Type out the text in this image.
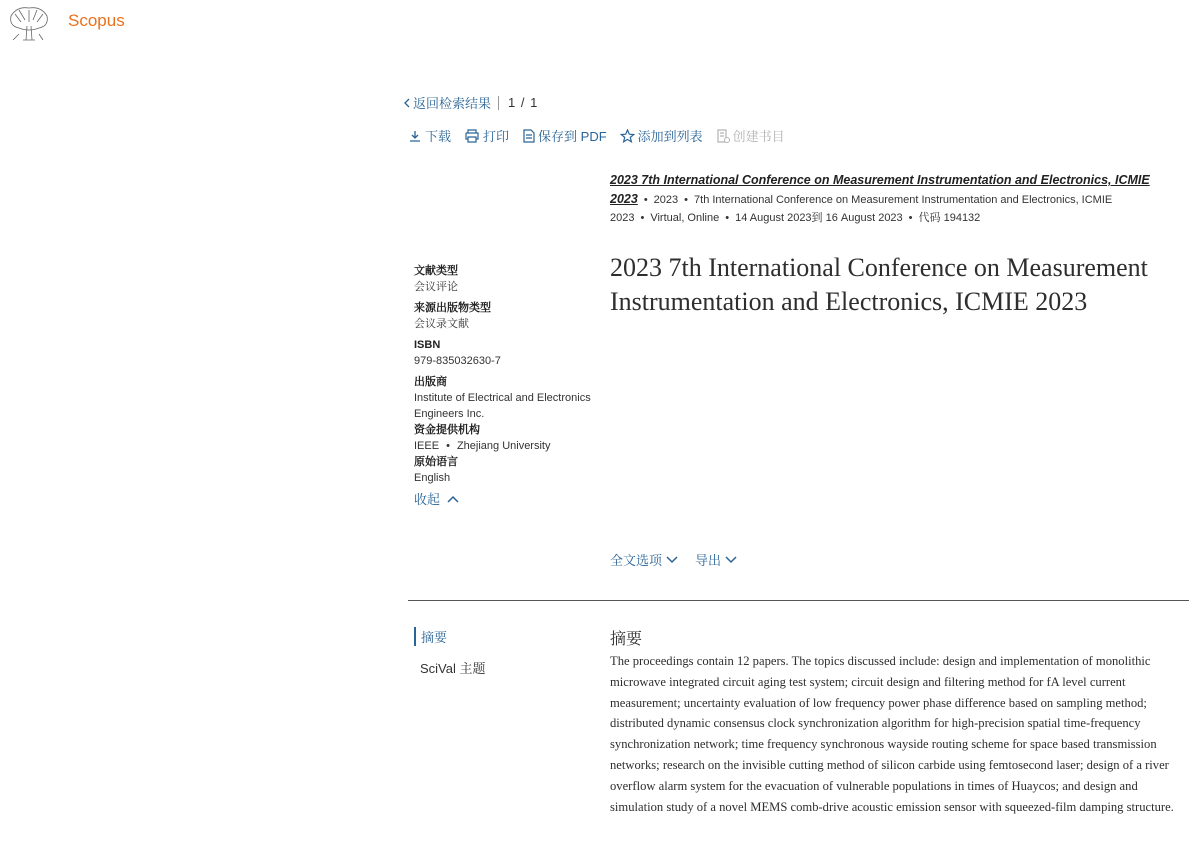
Scopus
返回检索结果 1 / 1
下载 打印 保存到 PDF 添加到列表 创建书目
2023 7th International Conference on Measurement Instrumentation and Electronics, ICMIE 2023 • 2023 • 7th International Conference on Measurement Instrumentation and Electronics, ICMIE 2023 • Virtual, Online • 14 August 2023到 16 August 2023 • 代码 194132
文献类型
会议评论
来源出版物类型
会议录文献
ISBN
979-835032630-7
出版商
Institute of Electrical and Electronics Engineers Inc.
资金提供机构
IEEE • Zhejiang University
原始语言
English
收起
2023 7th International Conference on Measurement Instrumentation and Electronics, ICMIE 2023
全文选项	导出
摘要
SciVal 主题
摘要
The proceedings contain 12 papers. The topics discussed include: design and implementation of monolithic microwave integrated circuit aging test system; circuit design and filtering method for fA level current measurement; uncertainty evaluation of low frequency power phase difference based on sampling method; distributed dynamic consensus clock synchronization algorithm for high-precision spatial time-frequency synchronization network; time frequency synchronous wayside routing scheme for space based transmission networks; research on the invisible cutting method of silicon carbide using femtosecond laser; design of a river overflow alarm system for the evacuation of vulnerable populations in times of Huaycos; and design and simulation study of a novel MEMS comb-drive acoustic emission sensor with squeezed-film damping structure.
